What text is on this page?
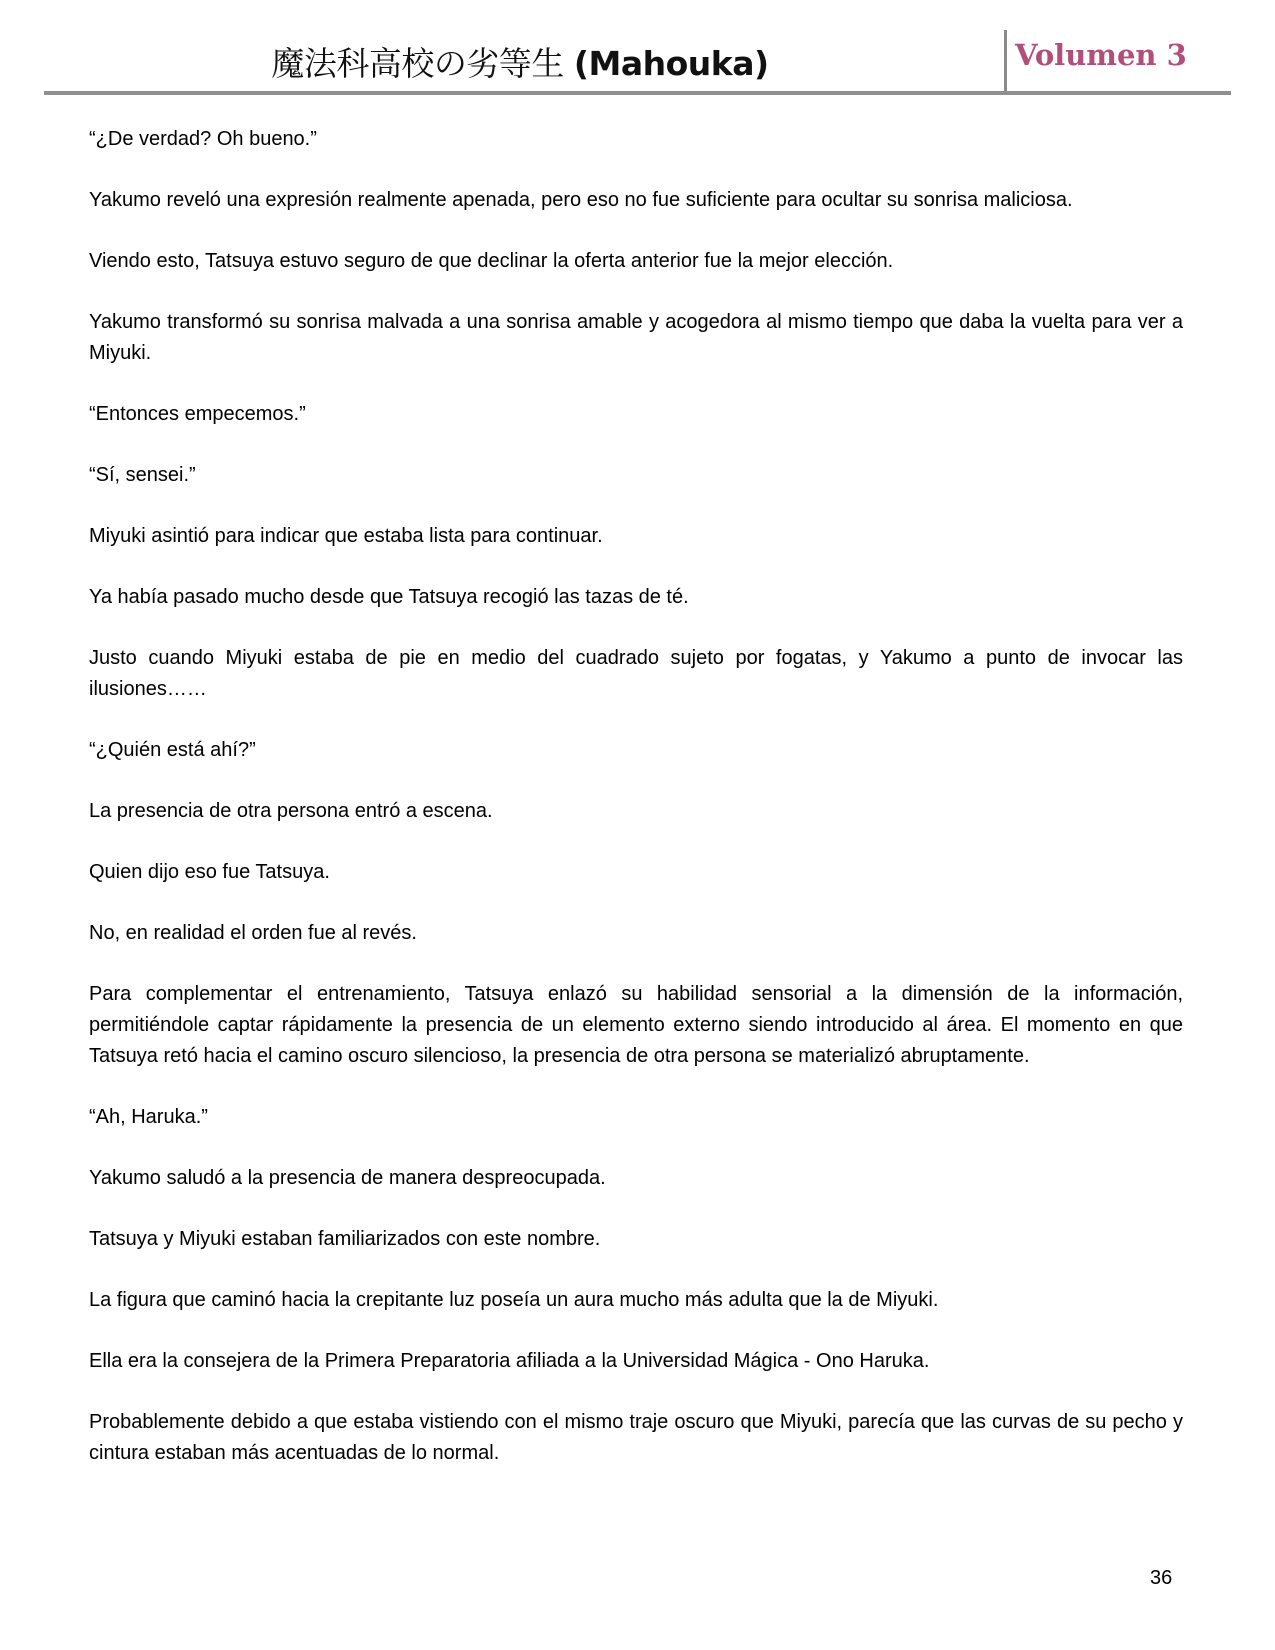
魔法科高校の劣等生 (Mahouka)	Volumen 3

“¿De verdad? Oh bueno.”

Yakumo reveló una expresión realmente apenada, pero eso no fue suficiente para ocultar su sonrisa maliciosa.

Viendo esto, Tatsuya estuvo seguro de que declinar la oferta anterior fue la mejor elección.

Yakumo transformó su sonrisa malvada a una sonrisa amable y acogedora al mismo tiempo que daba la vuelta para ver a Miyuki.

“Entonces empecemos.”

“Sí, sensei.”

Miyuki asintió para indicar que estaba lista para continuar.

Ya había pasado mucho desde que Tatsuya recogió las tazas de té.

Justo cuando Miyuki estaba de pie en medio del cuadrado sujeto por fogatas, y Yakumo a punto de invocar las ilusiones……

“¿Quién está ahí?”

La presencia de otra persona entró a escena.

Quien dijo eso fue Tatsuya.

No, en realidad el orden fue al revés.

Para complementar el entrenamiento, Tatsuya enlazó su habilidad sensorial a la dimensión de la información, permitiéndole captar rápidamente la presencia de un elemento externo siendo introducido al área. El momento en que Tatsuya retó hacia el camino oscuro silencioso, la presencia de otra persona se materializó abruptamente.

“Ah, Haruka.”

Yakumo saludó a la presencia de manera despreocupada.

Tatsuya y Miyuki estaban familiarizados con este nombre.

La figura que caminó hacia la crepitante luz poseía un aura mucho más adulta que la de Miyuki.

Ella era la consejera de la Primera Preparatoria afiliada a la Universidad Mágica - Ono Haruka.

Probablemente debido a que estaba vistiendo con el mismo traje oscuro que Miyuki, parecía que las curvas de su pecho y cintura estaban más acentuadas de lo normal.

36
